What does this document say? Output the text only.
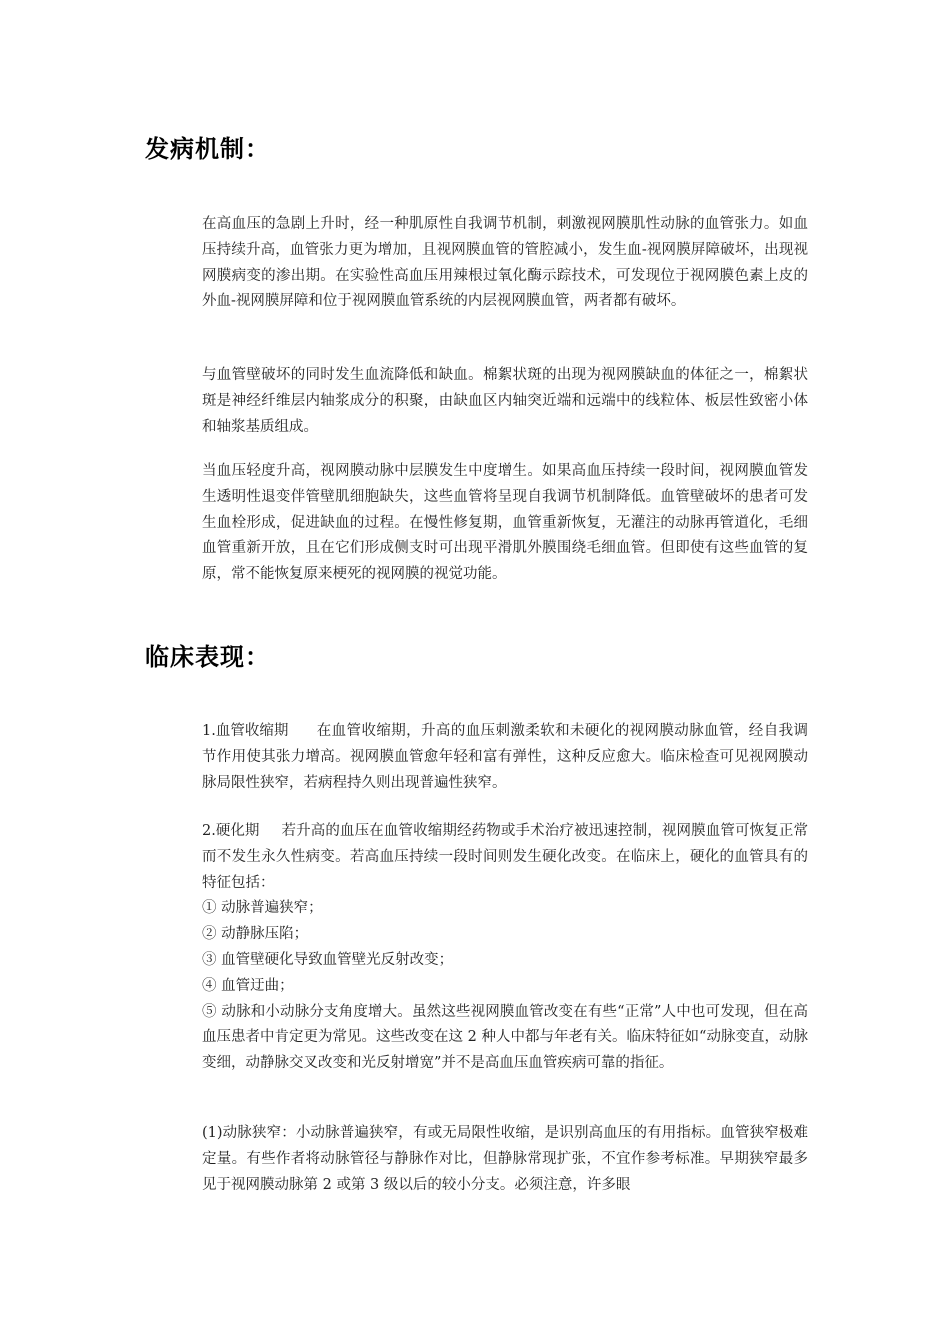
发病机制：

在高血压的急剧上升时，经一种肌原性自我调节机制，刺激视网膜肌性动脉的血管张力。如血压持续升高，血管张力更为增加，且视网膜血管的管腔减小，发生血-视网膜屏障破坏，出现视网膜病变的渗出期。在实验性高血压用辣根过氧化酶示踪技术，可发现位于视网膜色素上皮的外血-视网膜屏障和位于视网膜血管系统的内层视网膜血管，两者都有破坏。

与血管壁破坏的同时发生血流降低和缺血。棉絮状斑的出现为视网膜缺血的体征之一，棉絮状斑是神经纤维层内轴浆成分的积聚，由缺血区内轴突近端和远端中的线粒体、板层性致密小体和轴浆基质组成。

当血压轻度升高，视网膜动脉中层膜发生中度增生。如果高血压持续一段时间，视网膜血管发生透明性退变伴管壁肌细胞缺失，这些血管将呈现自我调节机制降低。血管壁破坏的患者可发生血栓形成，促进缺血的过程。在慢性修复期，血管重新恢复，无灌注的动脉再管道化，毛细血管重新开放，且在它们形成侧支时可出现平滑肌外膜围绕毛细血管。但即使有这些血管的复原，常不能恢复原来梗死的视网膜的视觉功能。

临床表现：

1.血管收缩期 在血管收缩期，升高的血压刺激柔软和未硬化的视网膜动脉血管，经自我调节作用使其张力增高。视网膜血管愈年轻和富有弹性，这种反应愈大。临床检查可见视网膜动脉局限性狭窄，若病程持久则出现普遍性狭窄。

2.硬化期 若升高的血压在血管收缩期经药物或手术治疗被迅速控制，视网膜血管可恢复正常而不发生永久性病变。若高血压持续一段时间则发生硬化改变。在临床上，硬化的血管具有的特征包括：

① 动脉普遍狭窄；

② 动静脉压陷；

③ 血管壁硬化导致血管壁光反射改变；

④ 血管迂曲；

⑤ 动脉和小动脉分支角度增大。虽然这些视网膜血管改变在有些“正常”人中也可发现，但在高血压患者中肯定更为常见。这些改变在这 2 种人中都与年老有关。临床特征如“动脉变直，动脉变细，动静脉交叉改变和光反射增宽”并不是高血压血管疾病可靠的指征。

(1)动脉狭窄：小动脉普遍狭窄，有或无局限性收缩，是识别高血压的有用指标。血管狭窄极难定量。有些作者将动脉管径与静脉作对比，但静脉常现扩张，不宜作参考标准。早期狭窄最多见于视网膜动脉第 2 或第 3 级以后的较小分支。必须注意，许多眼
